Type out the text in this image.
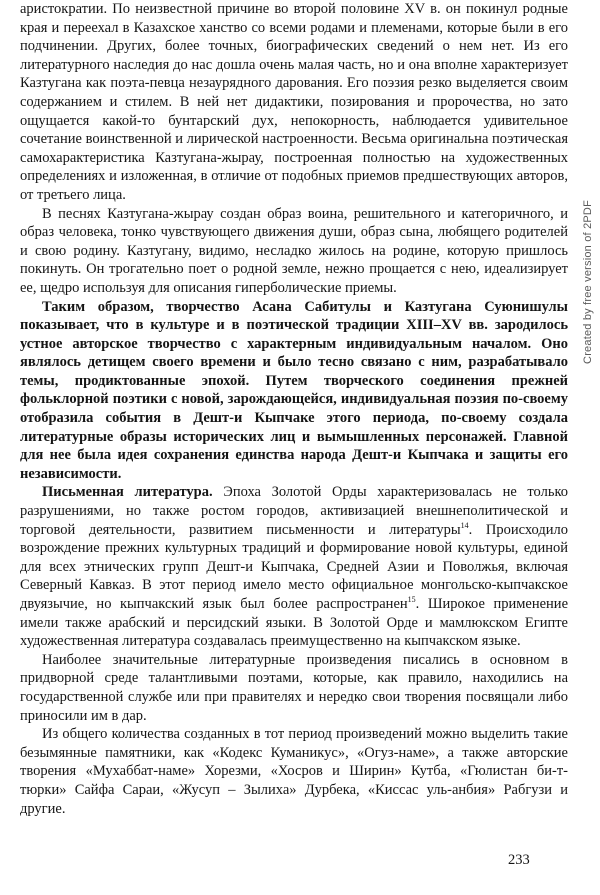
аристократии. По неизвестной причине во второй половине XV в. он покинул родные края и переехал в Казахское ханство со всеми родами и племенами, которые были в его подчинении. Других, более точных, биографических сведений о нем нет. Из его литературного наследия до нас дошла очень малая часть, но и она вполне характеризует Казтугана как поэта-певца незаурядного дарования. Его поэзия резко выделяется своим содержанием и стилем. В ней нет дидактики, позирования и пророчества, но зато ощущается какой-то бунтарский дух, непокорность, наблюдается удивительное сочетание воинственной и лирической настроенности. Весьма оригинальна поэтическая самохарактеристика Казтугана-жырау, построенная полностью на художественных определениях и изложенная, в отличие от подобных приемов предшествующих авторов, от третьего лица.

В песнях Казтугана-жырау создан образ воина, решительного и категоричного, и образ человека, тонко чувствующего движения души, образ сына, любящего родителей и свою родину. Казтугану, видимо, несладко жилось на родине, которую пришлось покинуть. Он трогательно поет о родной земле, нежно прощается с нею, идеализирует ее, щедро используя для описания гиперболические приемы.

Таким образом, творчество Асана Сабитулы и Казтугана Суюнишулы показывает, что в культуре и в поэтической традиции XIII–XV вв. зародилось устное авторское творчество с характерным индивидуальным началом. Оно являлось детищем своего времени и было тесно связано с ним, разрабатывало темы, продиктованные эпохой. Путем творческого соединения прежней фольклорной поэтики с новой, зарождающейся, индивидуальная поэзия по-своему отобразила события в Дешт-и Кыпчаке этого периода, по-своему создала литературные образы исторических лиц и вымышленных персонажей. Главной для нее была идея сохранения единства народа Дешт-и Кыпчака и защиты его независимости.

Письменная литература. Эпоха Золотой Орды характеризовалась не только разрушениями, но также ростом городов, активизацией внешнеполитической и торговой деятельности, развитием письменности и литературы$^{14}$. Происходило возрождение прежних культурных традиций и формирование новой культуры, единой для всех этнических групп Дешт-и Кыпчака, Средней Азии и Поволжья, включая Северный Кавказ. В этот период имело место официальное монгольско-кыпчакское двуязычие, но кыпчакский язык был более распространен$^{15}$. Широкое применение имели также арабский и персидский языки. В Золотой Орде и мамлюкском Египте художественная литература создавалась преимущественно на кыпчакском языке.

Наиболее значительные литературные произведения писались в основном в придворной среде талантливыми поэтами, которые, как правило, находились на государственной службе или при правителях и нередко свои творения посвящали либо приносили им в дар.

Из общего количества созданных в тот период произведений можно выделить такие безымянные памятники, как «Кодекс Куманикус», «Огуз-наме», а также авторские творения «Мухаббат-наме» Хорезми, «Хосров и Ширин» Кутба, «Гюлистан би-т-тюрки» Сайфа Сараи, «Жусуп – Зылиха» Дурбека, «Киссас уль-анбия» Рабгузи и другие.

Created by free version of 2PDF
233
